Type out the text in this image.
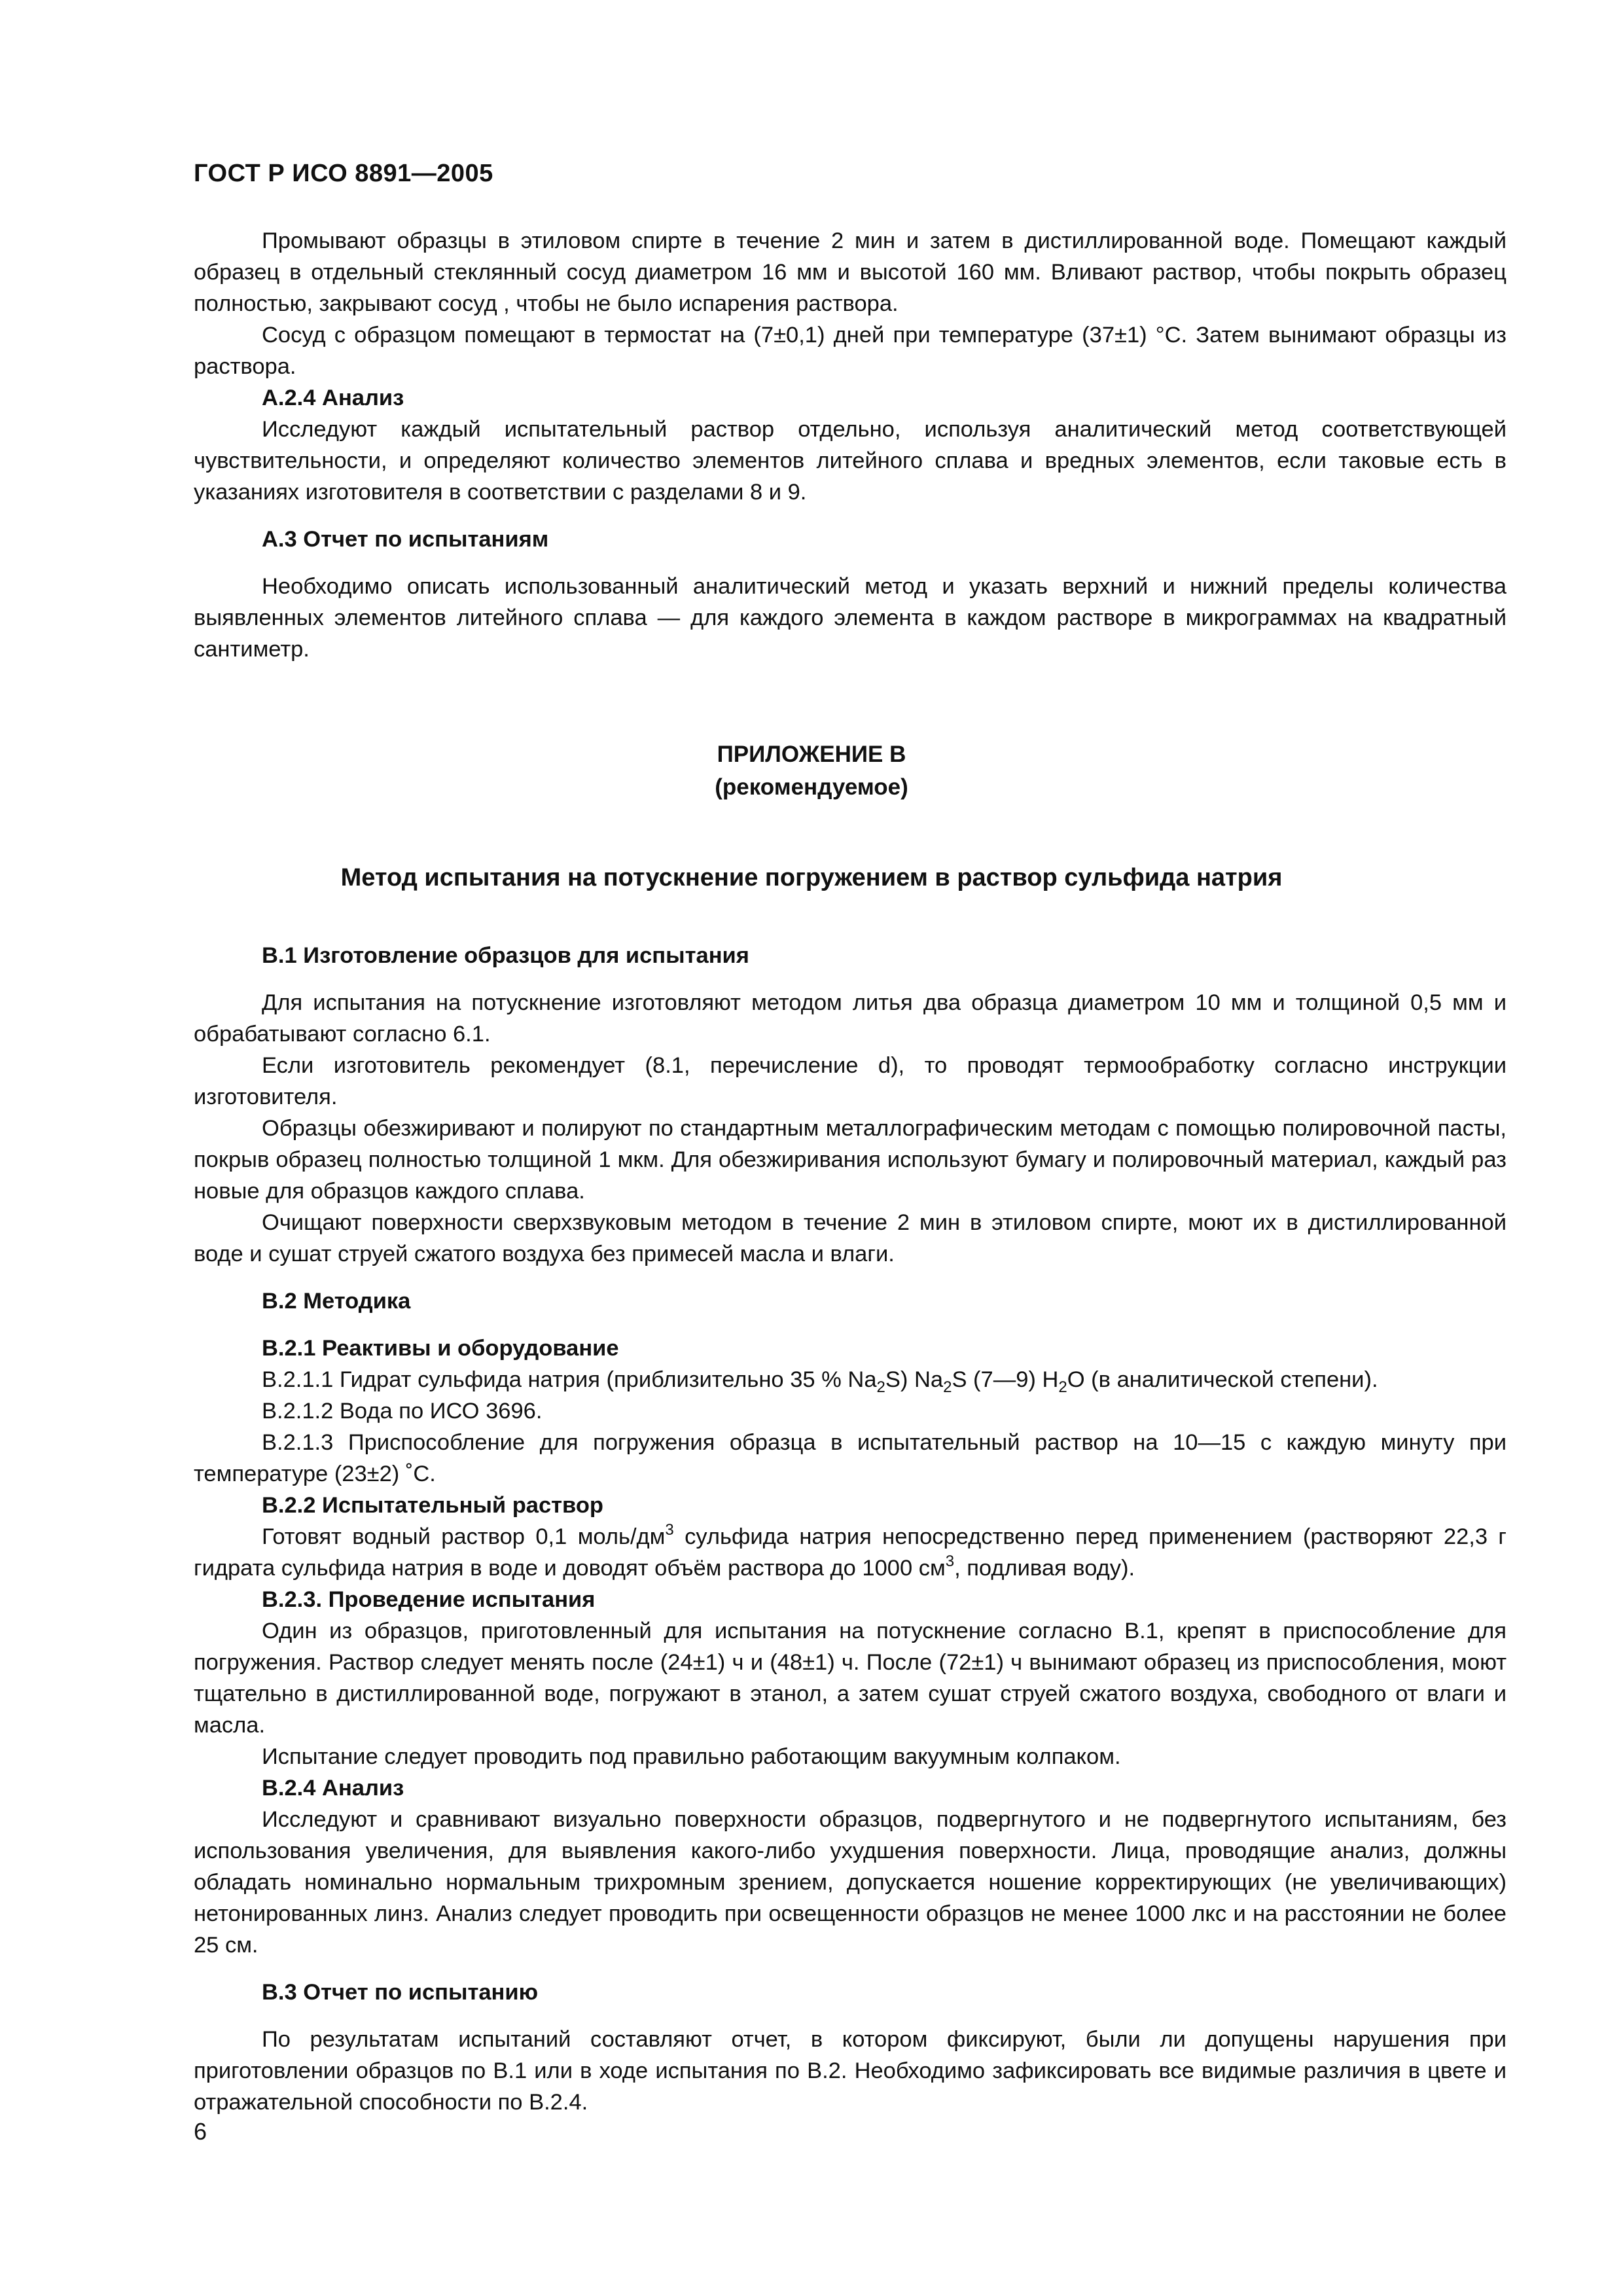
ГОСТ Р ИСО 8891—2005

Промывают образцы в этиловом спирте в течение 2 мин и затем в дистиллированной воде. Помещают каждый образец в отдельный стеклянный сосуд диаметром 16 мм и высотой 160 мм. Вливают раствор, чтобы покрыть образец полностью, закрывают сосуд , чтобы не было испарения раствора.

Сосуд с образцом помещают в термостат на (7±0,1) дней при температуре (37±1) °С. Затем вынимают образцы из раствора.

А.2.4 Анализ

Исследуют каждый испытательный раствор отдельно, используя аналитический метод соответствующей чувствительности, и определяют количество элементов литейного сплава и вредных элементов, если таковые есть в указаниях изготовителя в соответствии с разделами 8 и 9.

А.3 Отчет по испытаниям

Необходимо описать использованный аналитический метод и указать верхний и нижний пределы количества выявленных элементов литейного сплава — для каждого элемента в каждом растворе в микрограммах на квадратный сантиметр.

ПРИЛОЖЕНИЕ В
(рекомендуемое)
Метод испытания на потускнение погружением в раствор сульфида натрия

В.1 Изготовление образцов для испытания

Для испытания на потускнение изготовляют методом литья два образца диаметром 10 мм и толщиной 0,5 мм и обрабатывают согласно 6.1.

Если изготовитель рекомендует (8.1, перечисление d), то проводят термообработку согласно инструкции изготовителя.

Образцы обезжиривают и полируют по стандартным металлографическим методам с помощью полировочной пасты, покрыв образец полностью толщиной 1 мкм. Для обезжиривания используют бумагу и полировочный материал, каждый раз новые для образцов каждого сплава.

Очищают поверхности сверхзвуковым методом в течение 2 мин в этиловом спирте, моют их в дистиллированной воде и сушат струей сжатого воздуха без примесей масла и влаги.

В.2 Методика

В.2.1 Реактивы и оборудование

В.2.1.1 Гидрат сульфида натрия (приблизительно 35 % $Na_2S$) $Na_2S$ (7—9) $H_2O$ (в аналитической степени).

В.2.1.2 Вода по ИСО 3696.

В.2.1.3 Приспособление для погружения образца в испытательный раствор на 10—15 с каждую минуту при температуре (23±2) ˚С.

В.2.2 Испытательный раствор

Готовят водный раствор 0,1 моль/$дм^3$ сульфида натрия непосредственно перед применением (растворяют 22,3 г гидрата сульфида натрия в воде и доводят объём раствора до 1000 $см^3$, подливая воду).

В.2.3. Проведение испытания

Один из образцов, приготовленный для испытания на потускнение согласно В.1, крепят в приспособление для погружения. Раствор следует менять после (24±1) ч и (48±1) ч. После (72±1) ч вынимают образец из приспособления, моют тщательно в дистиллированной воде, погружают в этанол, а затем сушат струей сжатого воздуха, свободного от влаги и масла.

Испытание следует проводить под правильно работающим вакуумным колпаком.

В.2.4 Анализ

Исследуют и сравнивают визуально поверхности образцов, подвергнутого и не подвергнутого испытаниям, без использования увеличения, для выявления какого-либо ухудшения поверхности. Лица, проводящие анализ, должны обладать номинально нормальным трихромным зрением, допускается ношение корректирующих (не увеличивающих) нетонированных линз. Анализ следует проводить при освещенности образцов не менее 1000 лкс и на расстоянии не более 25 см.

В.3 Отчет по испытанию

По результатам испытаний составляют отчет, в котором фиксируют, были ли допущены нарушения при приготовлении образцов по В.1 или в ходе испытания по В.2. Необходимо зафиксировать все видимые различия в цвете и отражательной способности по В.2.4.

6
